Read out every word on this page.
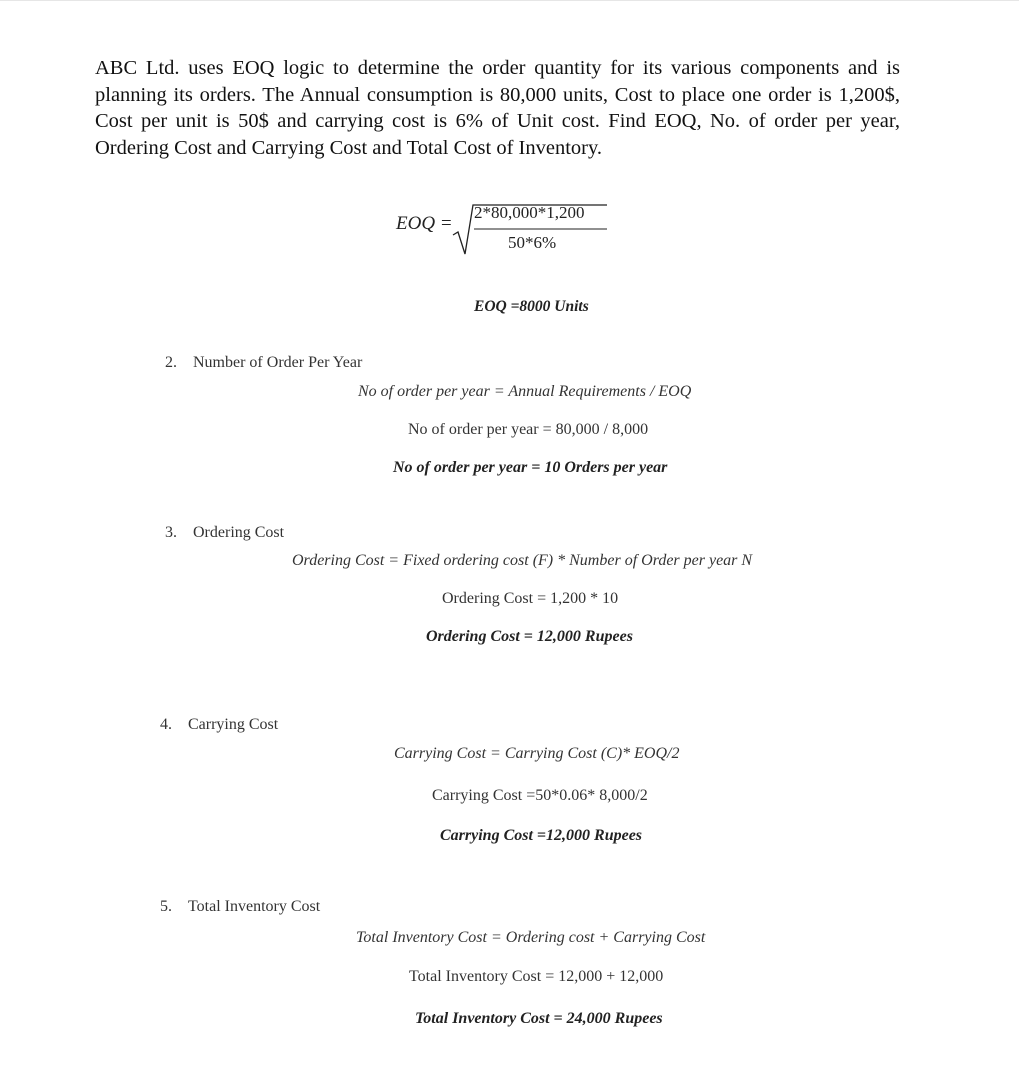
ABC Ltd. uses EOQ logic to determine the order quantity for its various components and is planning its orders. The Annual consumption is 80,000 units, Cost to place one order is 1,200$, Cost per unit is 50$ and carrying cost is 6% of Unit cost. Find EOQ, No. of order per year, Ordering Cost and Carrying Cost and Total Cost of Inventory.

EOQ =
2*80,000*1,200
50*6%
EOQ =8000 Units
2. Number of Order Per Year
No of order per year = Annual Requirements / EOQ
No of order per year = 80,000 / 8,000
No of order per year = 10 Orders per year
3. Ordering Cost
Ordering Cost = Fixed ordering cost (F) * Number of Order per year N
Ordering Cost = 1,200 * 10
Ordering Cost = 12,000 Rupees
4. Carrying Cost
Carrying Cost = Carrying Cost (C)* EOQ/2
Carrying Cost =50*0.06* 8,000/2
Carrying Cost =12,000 Rupees
5. Total Inventory Cost
Total Inventory Cost = Ordering cost + Carrying Cost
Total Inventory Cost = 12,000 + 12,000
Total Inventory Cost = 24,000 Rupees
